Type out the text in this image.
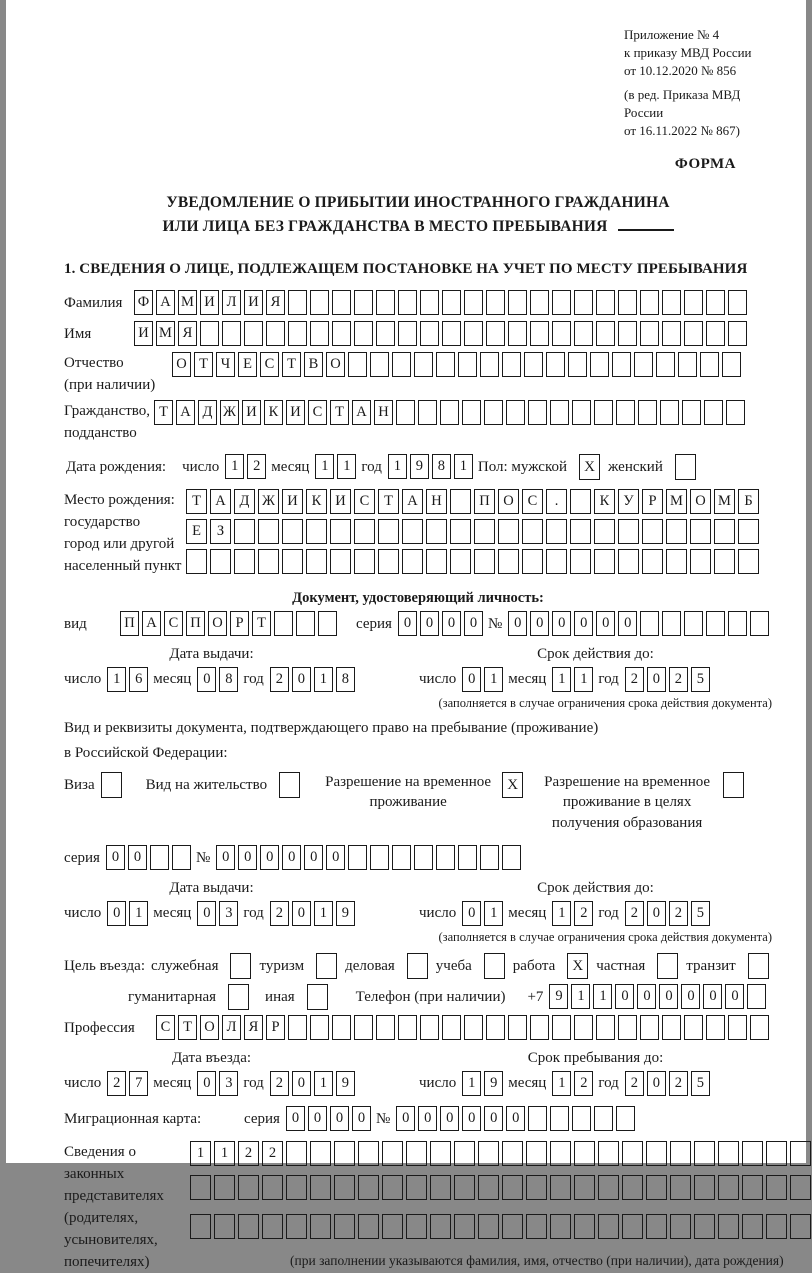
Приложение № 4
к приказу МВД России
от 10.12.2020 № 856
(в ред. Приказа МВД России
от 16.11.2022 № 867)
ФОРМА
УВЕДОМЛЕНИЕ О ПРИБЫТИИ ИНОСТРАННОГО ГРАЖДАНИНА
ИЛИ ЛИЦА БЕЗ ГРАЖДАНСТВА В МЕСТО ПРЕБЫВАНИЯ
1. СВЕДЕНИЯ О ЛИЦЕ, ПОДЛЕЖАЩЕМ ПОСТАНОВКЕ НА УЧЕТ ПО МЕСТУ ПРЕБЫВАНИЯ
Фамилия	Ф А М И Л И Я
Имя	И М Я
Отчество
(при наличии)
О Т Ч Е С Т В О
Гражданство,
подданство
Т А Д Ж И К И С Т А Н
Дата рождения: число 1	2 месяц 1	1 год 1	9	8	1 Пол: мужской	X женский
Место рождения:
государство
город или другой
населенный пункт
Т А Д Ж И К И С	Т А Н	П О С	.	К У	Р М О М Б
Е	З
Документ, удостоверяющий личность:
вид	П А С П О Р Т	серия 0	0	0	0 № 0	0	0	0	0	0
Дата выдачи:
число 1	6 месяц 0	8 год 2	0	1	8
Срок действия до:
число 0	1 месяц 1	1 год 2	0	2	5
(заполняется в случае ограничения срока действия документа)
Вид и реквизиты документа, подтверждающего право на пребывание (проживание)
в Российской Федерации:
Виза	Вид на жительство	Разрешение на временное проживание
X	Разрешение на временное проживание в целях получения образования
серия 0	0	№ 0	0	0	0	0	0
Дата выдачи:
число 0	1 месяц 0	3 год 2	0	1	9
Срок действия до:
число 0	1 месяц 1	2 год 2	0	2	5
(заполняется в случае ограничения срока действия документа)
Цель въезда: служебная	туризм	деловая	учеба	работа	X частная	транзит
гуманитарная	иная	Телефон (при наличии) +7 9	1	1	0	0	0	0	0	0
Профессия	С Т О Л Я Р
Дата въезда:
число 2	7 месяц 0	3 год 2	0	1	9
Срок пребывания до:
число 1	9 месяц 1	2 год 2	0	2	5
Миграционная карта:	серия 0	0	0	0 № 0	0	0	0	0	0
Сведения о
законных
представителях
(родителях,
усыновителях,
попечителях)
1	1	2	2
(при заполнении указываются фамилия, имя, отчество (при наличии), дата рождения)
